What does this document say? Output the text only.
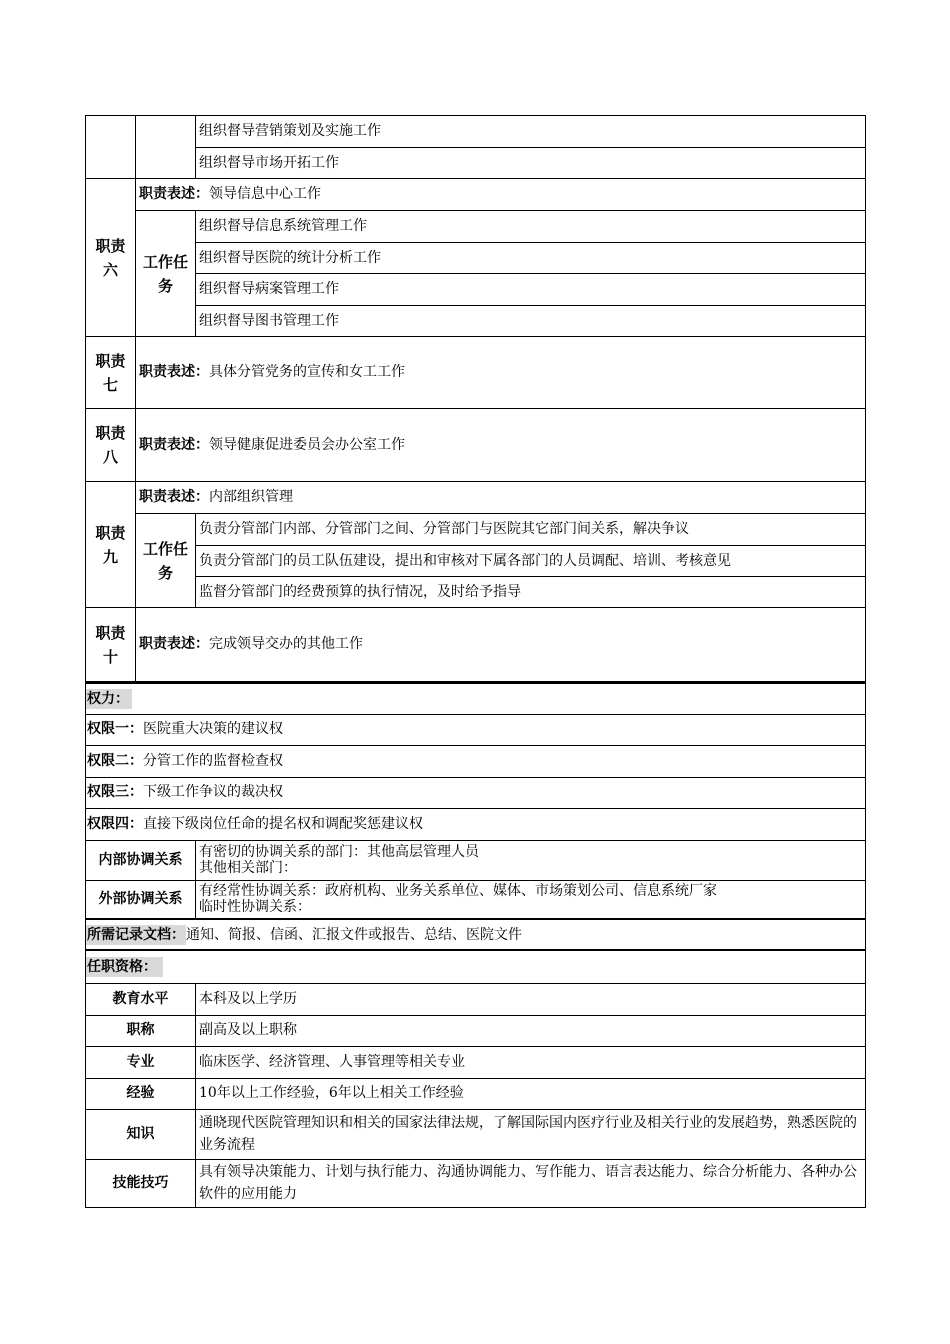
		组织督导营销策划及实施工作
		组织督导市场开拓工作
职责六	职责表述：领导信息中心工作	
	工作任务	组织督导信息系统管理工作
		组织督导医院的统计分析工作
		组织督导病案管理工作
		组织督导图书管理工作
职责七	职责表述：具体分管党务的宣传和女工工作	
职责八	职责表述：领导健康促进委员会办公室工作	
职责九	职责表述：内部组织管理	
	工作任务	负责分管部门内部、分管部门之间、分管部门与医院其它部门间关系，解决争议
		负责分管部门的员工队伍建设，提出和审核对下属各部门的人员调配、培训、考核意见
		监督分管部门的经费预算的执行情况，及时给予指导
职责十	职责表述：完成领导交办的其他工作	
权力：	
权限一：医院重大决策的建议权	
权限二：分管工作的监督检查权	
权限三：下级工作争议的裁决权	
权限四：直接下级岗位任命的提名权和调配奖惩建议权	
内部协调关系	有密切的协调关系的部门：其他高层管理人员
其他相关部门：

外部协调关系	有经常性协调关系：政府机构、业务关系单位、媒体、市场策划公司、信息系统厂家
临时性协调关系：

所需记录文档：通知、简报、信函、汇报文件或报告、总结、医院文件	
任职资格：	
教育水平	本科及以上学历
职称	副高及以上职称
专业	临床医学、经济管理、人事管理等相关专业
经验	10年以上工作经验，6年以上相关工作经验
知识	通晓现代医院管理知识和相关的国家法律法规，了解国际国内医疗行业及相关行业的发展趋势，熟悉医院的业务流程
技能技巧	具有领导决策能力、计划与执行能力、沟通协调能力、写作能力、语言表达能力、综合分析能力、各种办公软件的应用能力
